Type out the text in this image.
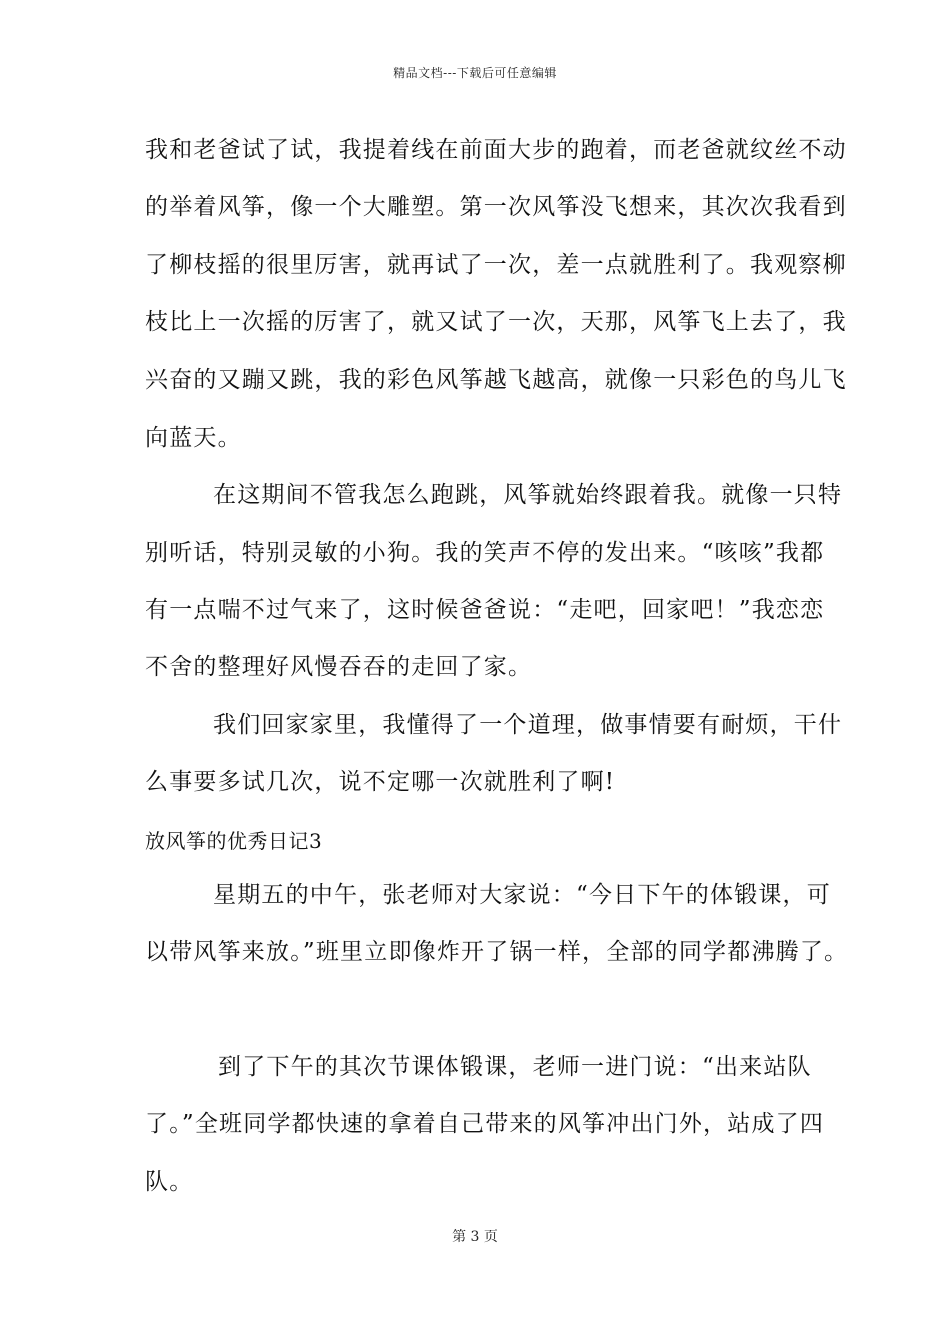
精品文档---下载后可任意编辑
我和老爸试了试，我提着线在前面大步的跑着，而老爸就纹丝不动
的举着风筝，像一个大雕塑。第一次风筝没飞想来，其次次我看到
了柳枝摇的很里厉害，就再试了一次，差一点就胜利了。我观察柳
枝比上一次摇的厉害了，就又试了一次，天那，风筝飞上去了，我
兴奋的又蹦又跳，我的彩色风筝越飞越高，就像一只彩色的鸟儿飞
向蓝天。
在这期间不管我怎么跑跳，风筝就始终跟着我。就像一只特
别听话，特别灵敏的小狗。我的笑声不停的发出来。“咳咳”我都
有一点喘不过气来了，这时候爸爸说：“走吧，回家吧！”我恋恋
不舍的整理好风慢吞吞的走回了家。
我们回家家里，我懂得了一个道理，做事情要有耐烦，干什
么事要多试几次，说不定哪一次就胜利了啊!
放风筝的优秀日记3
星期五的中午，张老师对大家说：“今日下午的体锻课，可
以带风筝来放。”班里立即像炸开了锅一样，全部的同学都沸腾了。
到了下午的其次节课体锻课，老师一进门说：“出来站队
了。”全班同学都快速的拿着自己带来的风筝冲出门外，站成了四
队。
第 3 页
